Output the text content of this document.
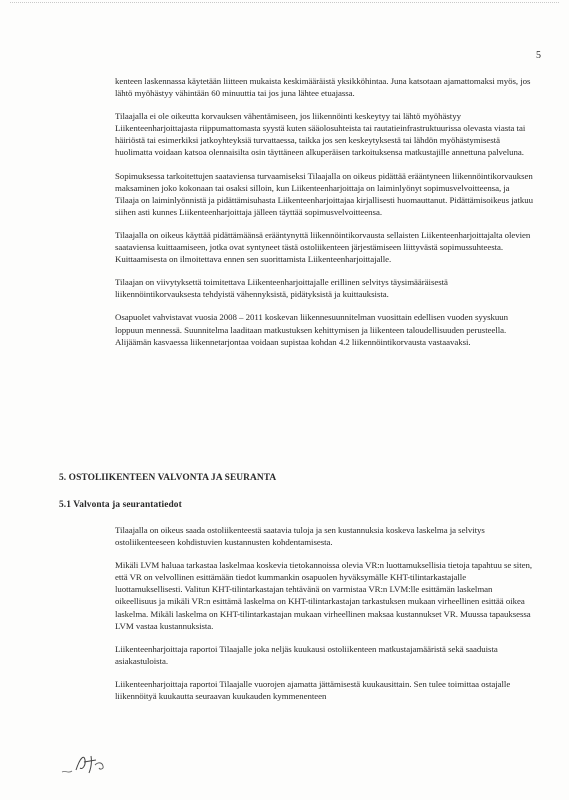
5

kenteen laskennassa käytetään liitteen mukaista keskimääräistä yksikköhintaa. Juna katsotaan ajamattomaksi myös, jos lähtö myöhästyy vähintään 60 minuuttia tai jos juna lähtee etuajassa.

Tilaajalla ei ole oikeutta korvauksen vähentämiseen, jos liikennöinti keskeytyy tai lähtö myöhästyy Liikenteenharjoittajasta riippumattomasta syystä kuten sääolosuhteista tai rautatieinfrastruktuurissa olevasta viasta tai häiriöstä tai esimerkiksi jatkoyhteyksiä turvattaessa, taikka jos sen keskeytyksestä tai lähdön myöhästymisestä huolimatta voidaan katsoa olennaisilta osin täyttäneen alkuperäisen tarkoituksensa matkustajille annettuna palveluna.

Sopimuksessa tarkoitettujen saataviensa turvaamiseksi Tilaajalla on oikeus pidättää erääntyneen liikennöintikorvauksen maksaminen joko kokonaan tai osaksi silloin, kun Liikenteenharjoittaja on laiminlyönyt sopimusvelvoitteensa, ja Tilaaja on laiminlyönnistä ja pidättämisuhasta Liikenteenharjoittajaa kirjallisesti huomauttanut. Pidättämisoikeus jatkuu siihen asti kunnes Liikenteenharjoittaja jälleen täyttää sopimusvelvoitteensa.

Tilaajalla on oikeus käyttää pidättämäänsä erääntynyttä liikennöintikorvausta sellaisten Liikenteenharjoittajalta olevien saataviensa kuittaamiseen, jotka ovat syntyneet tästä ostoliikenteen järjestämiseen liittyvästä sopimussuhteesta. Kuittaamisesta on ilmoitettava ennen sen suorittamista Liikenteenharjoittajalle.

Tilaajan on viivytyksettä toimitettava Liikenteenharjoittajalle erillinen selvitys täysimääräisestä liikennöintikorvauksesta tehdyistä vähennyksistä, pidätyksistä ja kuittauksista.

Osapuolet vahvistavat vuosia 2008 – 2011 koskevan liikennesuunnitelman vuosittain edellisen vuoden syyskuun loppuun mennessä. Suunnitelma laaditaan matkustuksen kehittymisen ja liikenteen taloudellisuuden perusteella. Alijäämän kasvaessa liikennetarjontaa voidaan supistaa kohdan 4.2 liikennöintikorvausta vastaavaksi.

5. OSTOLIIKENTEEN VALVONTA JA SEURANTA
5.1 Valvonta ja seurantatiedot

Tilaajalla on oikeus saada ostoliikenteestä saatavia tuloja ja sen kustannuksia koskeva laskelma ja selvitys ostoliikenteeseen kohdistuvien kustannusten kohdentamisesta.

Mikäli LVM haluaa tarkastaa laskelmaa koskevia tietokannoissa olevia VR:n luottamuksellisia tietoja tapahtuu se siten, että VR on velvollinen esittämään tiedot kummankin osapuolen hyväksymälle KHT-tilintarkastajalle luottamuksellisesti. Valitun KHT-tilintarkastajan tehtävänä on varmistaa VR:n LVM:lle esittämän laskelman oikeellisuus ja mikäli VR:n esittämä laskelma on KHT-tilintarkastajan tarkastuksen mukaan virheellinen esittää oikea laskelma. Mikäli laskelma on KHT-tilintarkastajan mukaan virheellinen maksaa kustannukset VR. Muussa tapauksessa LVM vastaa kustannuksista.

Liikenteenharjoittaja raportoi Tilaajalle joka neljäs kuukausi ostoliikenteen matkustajamääristä sekä saaduista asiakastuloista.

Liikenteenharjoittaja raportoi Tilaajalle vuorojen ajamatta jättämisestä kuukausittain. Sen tulee toimittaa ostajalle liikennöityä kuukautta seuraavan kuukauden kymmenenteen
